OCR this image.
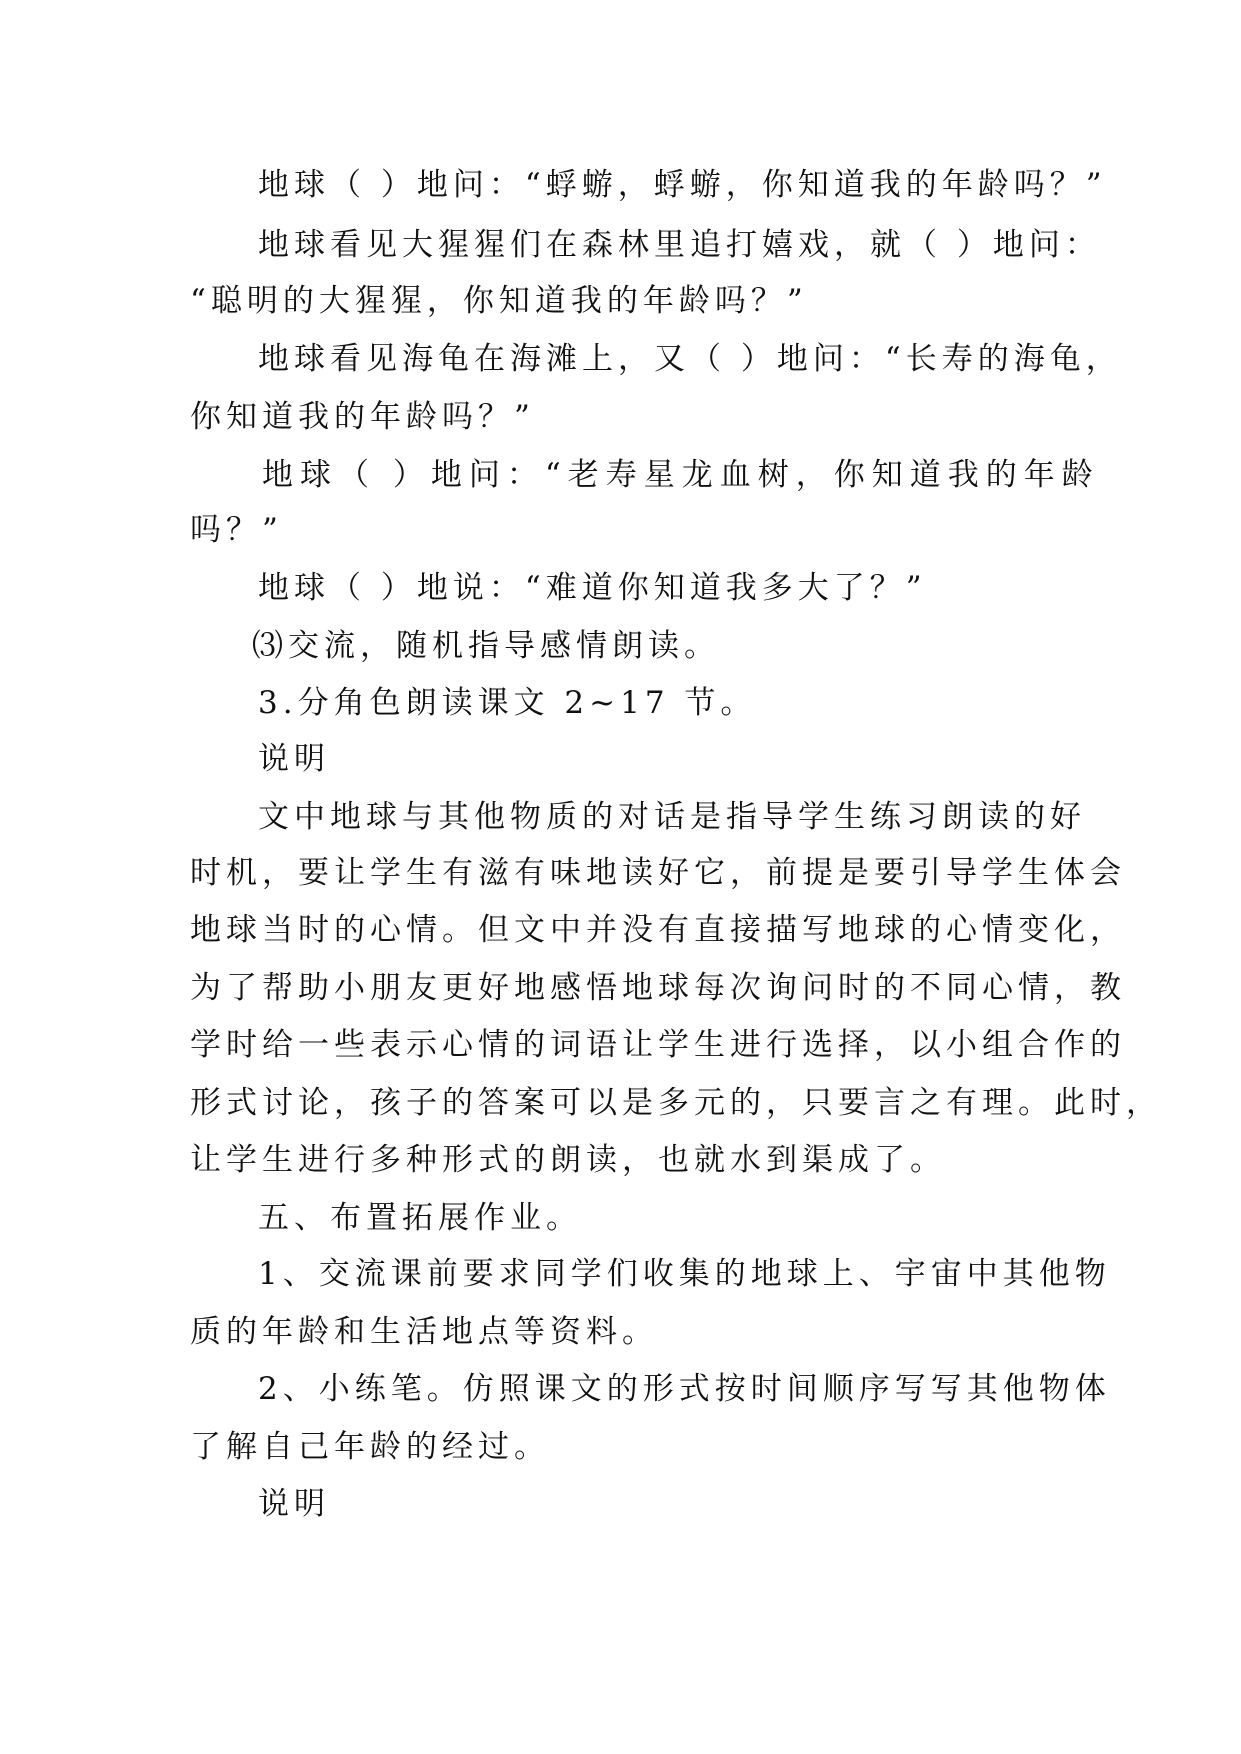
地球（ ）地问：“蜉蝣，蜉蝣，你知道我的年龄吗？”
地球看见大猩猩们在森林里追打嬉戏，就（ ）地问：
“聪明的大猩猩，你知道我的年龄吗？”
地球看见海龟在海滩上，又（ ）地问：“长寿的海龟，
你知道我的年龄吗？”
地球（ ）地问：“老寿星龙血树，你知道我的年龄
吗？”
地球（ ）地说：“难道你知道我多大了？”
⑶交流，随机指导感情朗读。
3.分角色朗读课文 2~17 节。
说明
文中地球与其他物质的对话是指导学生练习朗读的好
时机，要让学生有滋有味地读好它，前提是要引导学生体会
地球当时的心情。但文中并没有直接描写地球的心情变化，
为了帮助小朋友更好地感悟地球每次询问时的不同心情，教
学时给一些表示心情的词语让学生进行选择，以小组合作的
形式讨论，孩子的答案可以是多元的，只要言之有理。此时，
让学生进行多种形式的朗读，也就水到渠成了。
五、布置拓展作业。
1、交流课前要求同学们收集的地球上、宇宙中其他物
质的年龄和生活地点等资料。
2、小练笔。仿照课文的形式按时间顺序写写其他物体
了解自己年龄的经过。
说明
